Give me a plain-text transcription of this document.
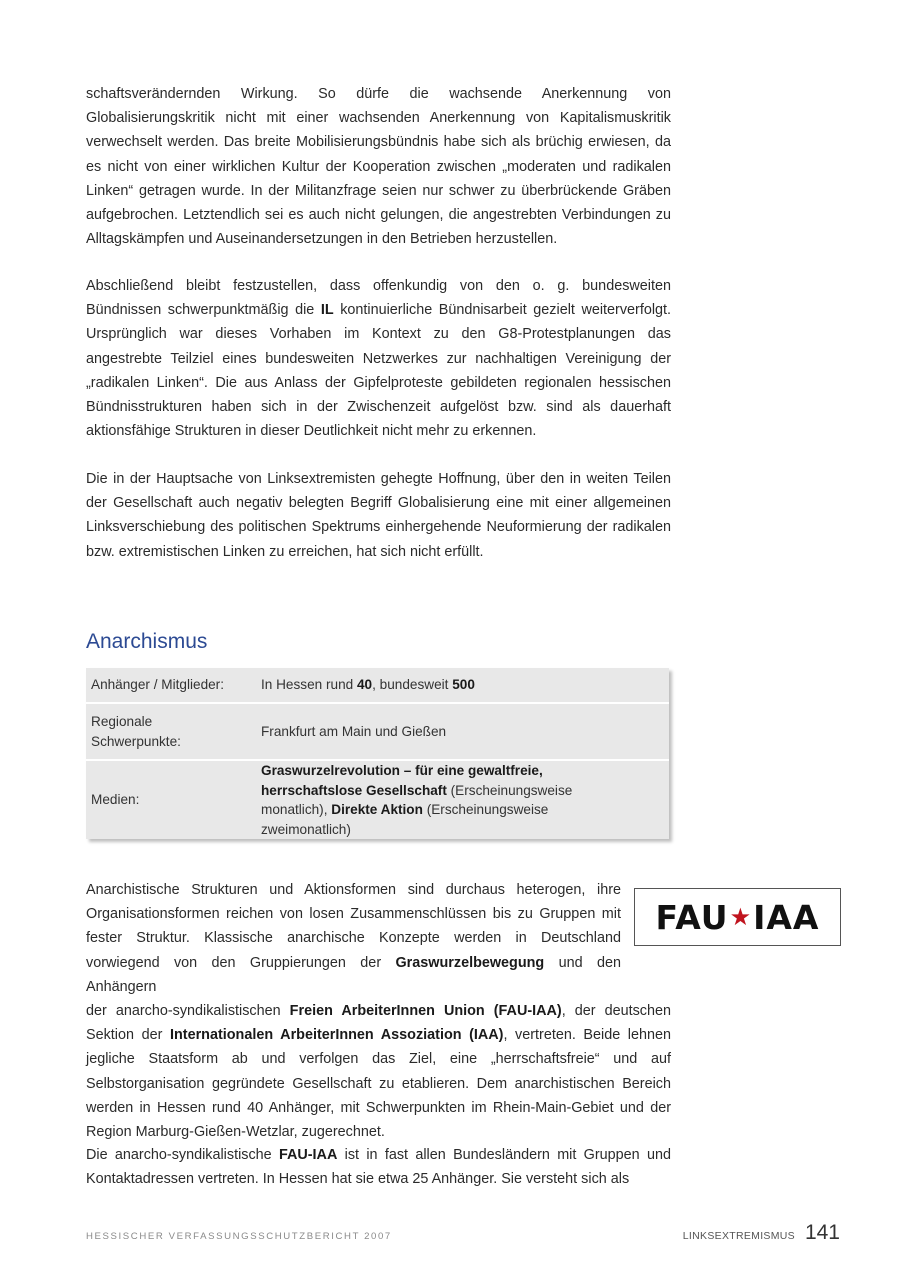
schaftsverändernden Wirkung. So dürfe die wachsende Anerkennung von Globalisierungskritik nicht mit einer wachsenden Anerkennung von Kapitalismuskritik verwechselt werden. Das breite Mobilisierungsbündnis habe sich als brüchig erwiesen, da es nicht von einer wirklichen Kultur der Kooperation zwischen „moderaten und radikalen Linken“ getragen wurde. In der Militanzfrage seien nur schwer zu überbrückende Gräben aufgebrochen. Letztendlich sei es auch nicht gelungen, die angestrebten Verbindungen zu Alltagskämpfen und Auseinandersetzungen in den Betrieben herzustellen.

Abschließend bleibt festzustellen, dass offenkundig von den o. g. bundesweiten Bündnissen schwerpunktmäßig die IL kontinuierliche Bündnisarbeit gezielt weiterverfolgt. Ursprünglich war dieses Vorhaben im Kontext zu den G8-Protestplanungen das angestrebte Teilziel eines bundesweiten Netzwerkes zur nachhaltigen Vereinigung der „radikalen Linken“. Die aus Anlass der Gipfelproteste gebildeten regionalen hessischen Bündnisstrukturen haben sich in der Zwischenzeit aufgelöst bzw. sind als dauerhaft aktionsfähige Strukturen in dieser Deutlichkeit nicht mehr zu erkennen.

Die in der Hauptsache von Linksextremisten gehegte Hoffnung, über den in weiten Teilen der Gesellschaft auch negativ belegten Begriff Globalisierung eine mit einer allgemeinen Linksverschiebung des politischen Spektrums einhergehende Neuformierung der radikalen bzw. extremistischen Linken zu erreichen, hat sich nicht erfüllt.

Anarchismus
Anhänger / Mitglieder:	In Hessen rund 40, bundesweit 500
Regionale Schwerpunkte:
Frankfurt am Main und Gießen
Medien:
Graswurzelrevolution – für eine gewaltfreie, herrschaftslose Gesellschaft (Erscheinungsweise monatlich), Direkte Aktion (Erscheinungsweise zweimonatlich)
FAU ★ IAA

Anarchistische Strukturen und Aktionsformen sind durchaus heterogen, ihre Organisationsformen reichen von losen Zusammenschlüssen bis zu Gruppen mit fester Struktur. Klassische anarchische Konzepte werden in Deutschland vorwiegend von den Gruppierungen der Graswurzelbewegung und den Anhängern
der anarcho-syndikalistischen Freien ArbeiterInnen Union (FAU-IAA), der deutschen Sektion der Internationalen ArbeiterInnen Assoziation (IAA), vertreten. Beide lehnen jegliche Staatsform ab und verfolgen das Ziel, eine „herrschaftsfreie“ und auf Selbstorganisation gegründete Gesellschaft zu etablieren. Dem anarchistischen Bereich werden in Hessen rund 40 Anhänger, mit Schwerpunkten im Rhein-Main-Gebiet und der Region Marburg-Gießen-Wetzlar, zugerechnet.

Die anarcho-syndikalistische FAU-IAA ist in fast allen Bundesländern mit Gruppen und Kontaktadressen vertreten. In Hessen hat sie etwa 25 Anhänger. Sie versteht sich als

HESSISCHER VERFASSUNGSSCHUTZBERICHT 2007	LINKSEXTREMISMUS 141
